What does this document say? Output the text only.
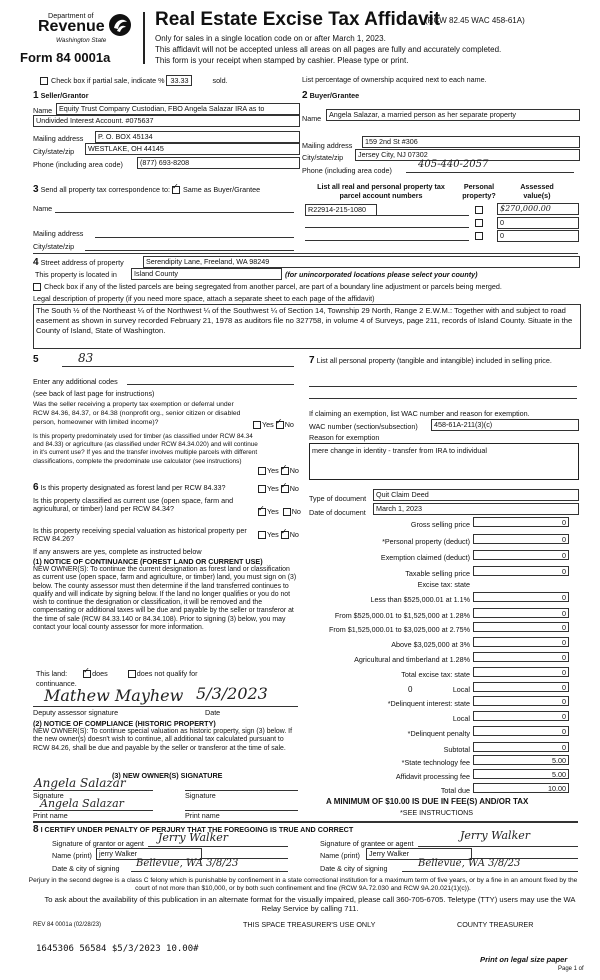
Department of
Revenue
Washington State
Form 84 0001a
Real Estate Excise Tax Affidavit
(RCW 82.45 WAC 458-61A)
Only for sales in a single location code on or after March 1, 2023.
This affidavit will not be accepted unless all areas on all pages are fully and accurately completed.
This form is your receipt when stamped by cashier. Please type or print.
Check box if partial sale, indicate % 33.33	sold.	List percentage of ownership acquired next to each name.
1 Seller/Grantor
Name Equity Trust Company Custodian, FBO Angela Salazar IRA as to
Undivided Interest Account. #075637
Mailing address	P. O. BOX 45134
City/state/zip	WESTLAKE, OH 44145
Phone (including area code)	(877) 693-8208
2 Buyer/Grantee
Name	Angela Salazar, a married person as her separate property
Mailing address	159 2nd St #306
City/state/zip	Jersey City, NJ 07302
Phone (including area code)
405-440-2057
3 Send all property tax correspondence to: ✓ Same as Buyer/Grantee
Name
Mailing address
City/state/zip
List all real and personal property tax
parcel account numbers
Personal
property?
Assessed
value(s)
R22914-215-1080	$270,000.00
0
0
4 Street address of property	Serendipity Lane, Freeland, WA 98249
This property is located in	Island County	(for unincorporated locations please select your county)
Check box if any of the listed parcels are being segregated from another parcel, are part of a boundary line adjustment or parcels being merged.
Legal description of property (if you need more space, attach a separate sheet to each page of the affidavit)
The South ½ of the Northeast ¼ of the Northwest ¼ of the Southwest ¼ of Section 14, Township 29 North, Range 2 E.W.M.: Together with and subject to road easement as shown in survey recorded February 21, 1978 as auditors file no 327758, in volume 4 of Surveys, page 211, records of Island County. Situate in the County of Island, State of Washington.
5	83
Enter any additional codes
(see back of last page for instructions)
Was the seller receiving a property tax exemption or deferral under RCW 84.36, 84.37, or 84.38 (nonprofit org., senior citizen or disabled person, homeowner with limited income)?	Yes ✓ No
Is this property predominately used for timber (as classified under RCW 84.34 and 84.33) or agriculture (as classified under RCW 84.34.020) and will continue in it's current use? If yes and the transfer involves multiple parcels with different classifications, complete the predominate use calculator (see instructions)
Yes ✓ No
6 Is this property designated as forest land per RCW 84.33?	Yes ✓ No
Is this property classified as current use (open space, farm and agricultural, or timber) land per RCW 84.34? ✓	Yes No
Is this property receiving special valuation as historical property per RCW 84.26?	Yes ✓ No
If any answers are yes, complete as instructed below
(1) NOTICE OF CONTINUANCE (FOREST LAND OR CURRENT USE)
NEW OWNER(S): To continue the current designation as forest land or classification as current use (open space, farm and agriculture, or timber) land, you must sign on (3) below. The county assessor must then determine if the land transferred continues to qualify and will indicate by signing below. If the land no longer qualifies or you do not wish to continue the designation or classification, it will be removed and the compensating or additional taxes will be due and payable by the seller or transferor at the time of sale (RCW 84.33.140 or 84.34.108). Prior to signing (3) below, you may contact your local county assessor for more information.
This land: ✓	does	does not qualify for
continuance.
Mathew Mayhew 5/3/2023
Deputy assessor signature	Date
(2) NOTICE OF COMPLIANCE (HISTORIC PROPERTY)
NEW OWNER(S): To continue special valuation as historic property, sign (3) below. If the new owner(s) doesn't wish to continue, all additional tax calculated pursuant to RCW 84.26, shall be due and payable by the seller or transferor at the time of sale.
(3) NEW OWNER(S) SIGNATURE
Angela Salazar
Signature	Signature
Angela Salazar
Print name	Print name
7 List all personal property (tangible and intangible) included in selling price.
If claiming an exemption, list WAC number and reason for exemption.
WAC number (section/subsection)	458-61A-211(3)(c)
Reason for exemption
mere change in identity - transfer from IRA to individual
Type of document	Quit Claim Deed
Date of document	March 1, 2023
Gross selling price	0
*Personal property (deduct)	0
Exemption claimed (deduct)	0
Taxable selling price	0
Excise tax: state
Less than $525,000.01 at 1.1%	0
From $525,000.01 to $1,525,000 at 1.28%	0
From $1,525,000.01 to $3,025,000 at 2.75%	0
Above $3,025,000 at 3%	0
Agricultural and timberland at 1.28%	0
Total excise tax: state	0
0	Local	0
*Delinquent interest: state	0
Local	0
*Delinquent penalty	0
Subtotal	0
*State technology fee	5.00
Affidavit processing fee	5.00
Total due	10.00
A MINIMUM OF $10.00 IS DUE IN FEE(S) AND/OR TAX
*SEE INSTRUCTIONS
8 I CERTIFY UNDER PENALTY OF PERJURY THAT THE FOREGOING IS TRUE AND CORRECT
Signature of grantor or agent Jerry Walker
Name (print) jerry Walker
Date & city of signing Bellevue, WA 3/8/23
Signature of grantee or agent
Jerry Walker
Name (print)	Jerry Walker
Date & city of signing	Bellevue, WA 3/8/23
Perjury in the second degree is a class C felony which is punishable by confinement in a state correctional institution for a maximum term of five years, or by a fine in an amount fixed by the court of not more than $10,000, or by both such confinement and fine (RCW 9A.72.030 and RCW 9A.20.021(1)(c)).
To ask about the availability of this publication in an alternate format for the visually impaired, please call 360-705-6705. Teletype (TTY) users may use the WA Relay Service by calling 711.
REV 84 0001a (02/28/23)	THIS SPACE TREASURER'S USE ONLY	COUNTY TREASURER
1645306 56584 $5/3/2023 10.00#
Print on legal size paper
Page 1 of
